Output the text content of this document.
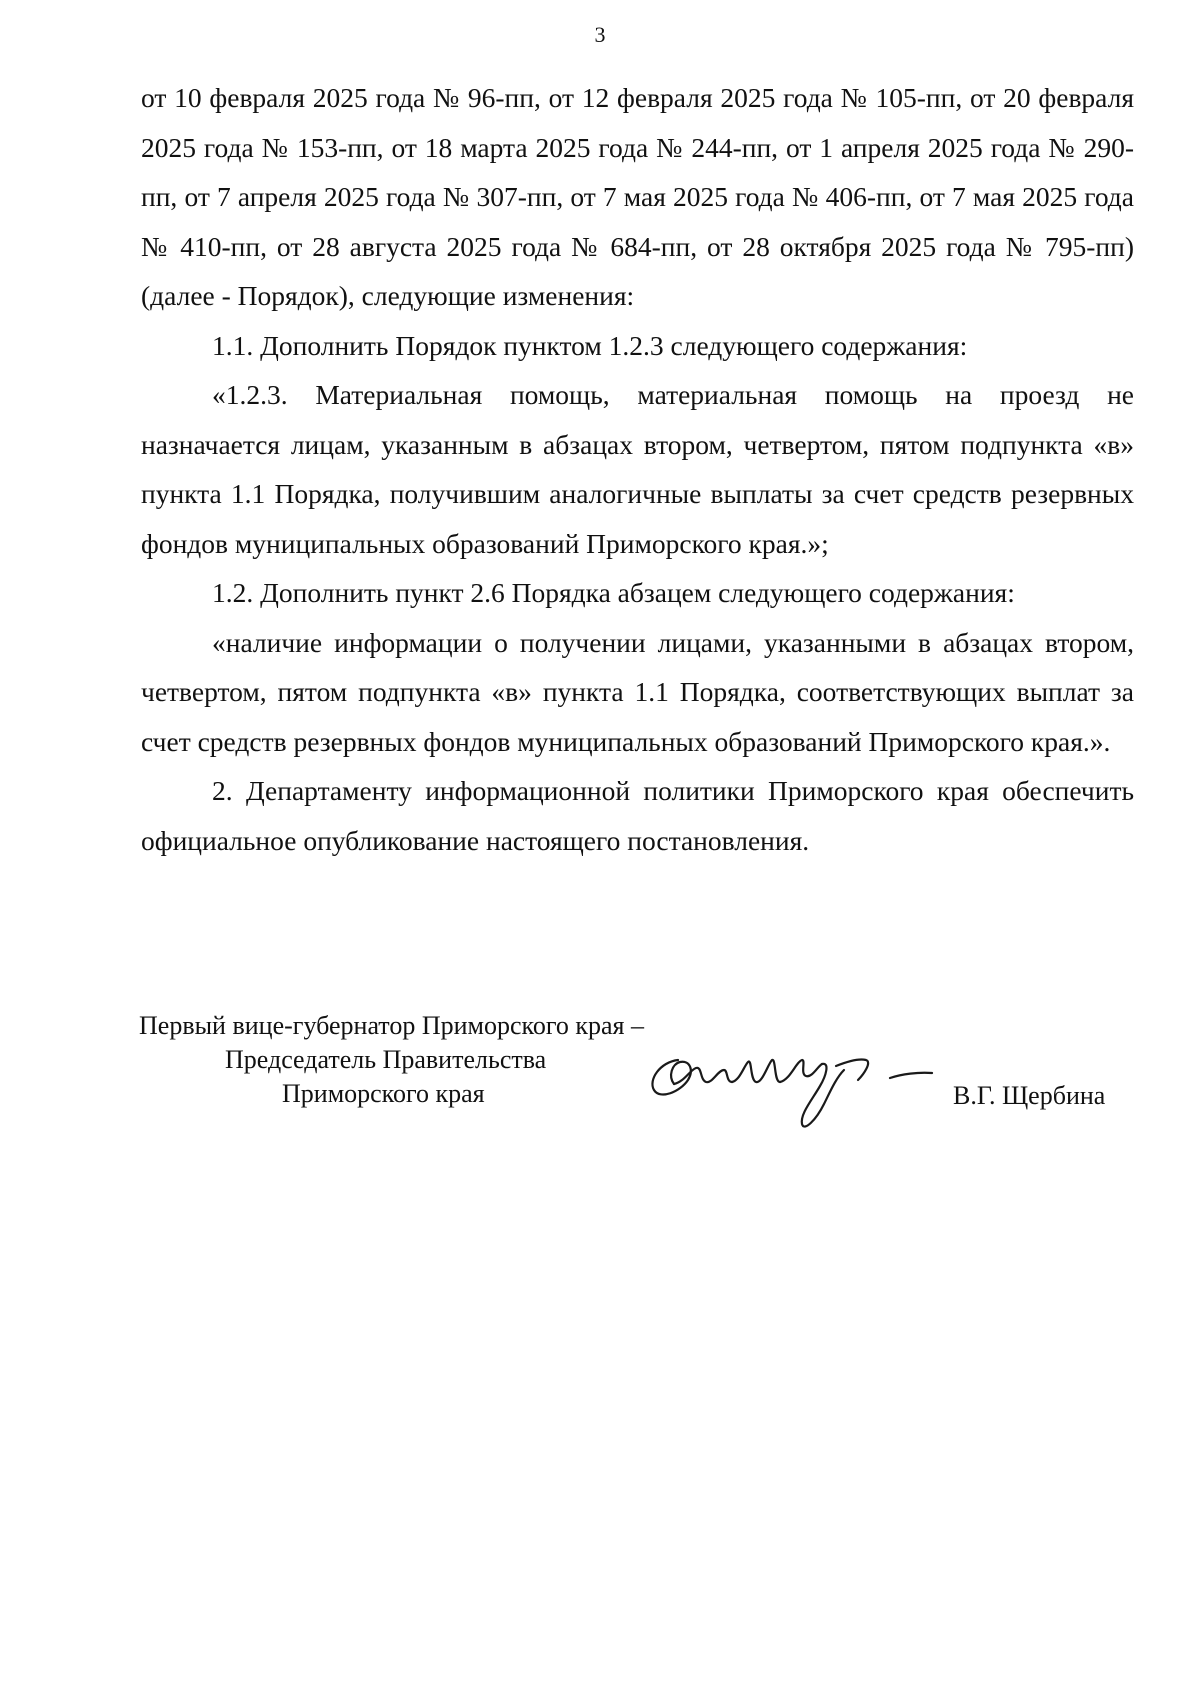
3

от 10 февраля 2025 года № 96-пп, от 12 февраля 2025 года № 105-пп, от 20 февраля 2025 года № 153-пп, от 18 марта 2025 года № 244-пп, от 1 апреля 2025 года № 290-пп, от 7 апреля 2025 года № 307-пп, от 7 мая 2025 года № 406-пп, от 7 мая 2025 года № 410-пп, от 28 августа 2025 года № 684-пп, от 28 октября 2025 года № 795-пп) (далее - Порядок), следующие изменения:

1.1. Дополнить Порядок пунктом 1.2.3 следующего содержания:

«1.2.3. Материальная помощь, материальная помощь на проезд не назначается лицам, указанным в абзацах втором, четвертом, пятом подпункта «в» пункта 1.1 Порядка, получившим аналогичные выплаты за счет средств резервных фондов муниципальных образований Приморского края.»;

1.2. Дополнить пункт 2.6 Порядка абзацем следующего содержания:

«наличие информации о получении лицами, указанными в абзацах втором, четвертом, пятом подпункта «в» пункта 1.1 Порядка, соответствующих выплат за счет средств резервных фондов муниципальных образований Приморского края.».

2. Департаменту информационной политики Приморского края обеспечить официальное опубликование настоящего постановления.

Первый вице-губернатор Приморского края –
Председатель Правительства
Приморского края	В.Г. Щербина
